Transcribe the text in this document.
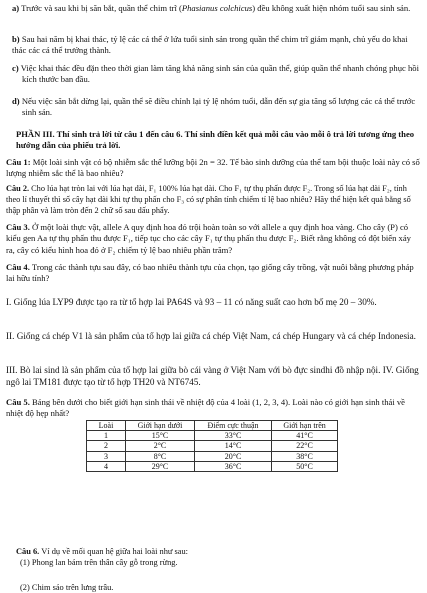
a) Trước và sau khi bị săn bắt, quần thể chim trĩ (Phasianus colchicus) đều không xuất hiện nhóm tuổi sau sinh sản.

b) Sau hai năm bị khai thác, tỷ lệ các cá thể ở lứa tuổi sinh sản trong quần thể chim trĩ giảm mạnh, chủ yếu do khai thác các cá thể trưởng thành.

c) Việc khai thác đều đặn theo thời gian làm tăng khả năng sinh sản của quần thể, giúp quần thể nhanh chóng phục hồi kích thước ban đầu.

d) Nếu việc săn bắt dừng lại, quần thể sẽ điều chỉnh lại tỷ lệ nhóm tuổi, dẫn đến sự gia tăng số lượng các cá thể trước sinh sản.

PHẦN III. Thí sinh trả lời từ câu 1 đến câu 6. Thí sinh điền kết quả mỗi câu vào mỗi ô trả lời tương ứng theo hướng dẫn của phiếu trả lời.

Câu 1: Một loài sinh vật có bộ nhiễm sắc thể lưỡng bội 2n = 32. Tế bào sinh dưỡng của thể tam bội thuộc loài này có số lượng nhiễm sắc thể là bao nhiêu?

Câu 2. Cho lúa hạt tròn lai với lúa hạt dài, F₁ 100% lúa hạt dài. Cho F₁ tự thụ phấn được F₂. Trong số lúa hạt dài F₂, tính theo lí thuyết thì số cây hạt dài khi tự thụ phấn cho F₃ có sự phân tính chiếm tỉ lệ bao nhiêu? Hãy thể hiện kết quả bằng số thập phân và làm tròn đến 2 chữ số sau dấu phẩy.

Câu 3. Ở một loài thực vật, allele A quy định hoa đỏ trội hoàn toàn so với allele a quy định hoa vàng. Cho cây (P) có kiểu gen Aa tự thụ phấn thu được F₁, tiếp tục cho các cây F₁ tự thụ phấn thu được F₂. Biết rằng không có đột biến xảy ra, cây có kiểu hình hoa đỏ ở F₂ chiếm tỷ lệ bao nhiêu phần trăm?

Câu 4. Trong các thành tựu sau đây, có bao nhiêu thành tựu của chọn, tạo giống cây trồng, vật nuôi bằng phương pháp lai hữu tính?

I. Giống lúa LYP9 được tạo ra từ tổ hợp lai PA64S và 93 – 11 có năng suất cao hơn bố mẹ 20 – 30%.

II. Giống cá chép V1 là sản phẩm của tổ hợp lai giữa cá chép Việt Nam, cá chép Hungary và cá chép Indonesia.

III. Bò lai sind là sản phẩm của tổ hợp lai giữa bò cái vàng ở Việt Nam với bò đực sindhi đồ nhập nội. IV. Giống ngô lai TM181 được tạo từ tổ hợp TH20 và NT6745.

Câu 5. Bảng bên dưới cho biết giới hạn sinh thái về nhiệt độ của 4 loài (1, 2, 3, 4). Loài nào có giới hạn sinh thái về nhiệt độ hẹp nhất?

Loài	Giới hạn dưới	Điểm cực thuận	Giới hạn trên
1	15°C	33°C	41°C
2	2°C	14°C	22°C
3	8°C	20°C	38°C
4	29°C	36°C	50°C

Câu 6. Ví dụ về mối quan hệ giữa hai loài như sau:

(1) Phong lan bám trên thân cây gỗ trong rừng.
(2) Chim sáo trên lưng trâu.
